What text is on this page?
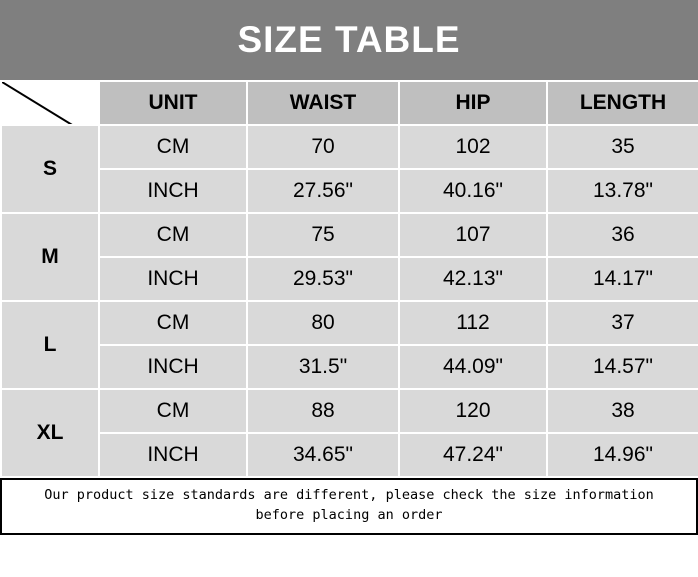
SIZE TABLE
	UNIT	WAIST	HIP	LENGTH
S	CM	70	102	35
	INCH	27.56"	40.16"	13.78"
M	CM	75	107	36
	INCH	29.53"	42.13"	14.17"
L	CM	80	112	37
	INCH	31.5"	44.09"	14.57"
XL	CM	88	120	38
	INCH	34.65"	47.24"	14.96"
Our product size standards are different, please check the size information
before placing an order
